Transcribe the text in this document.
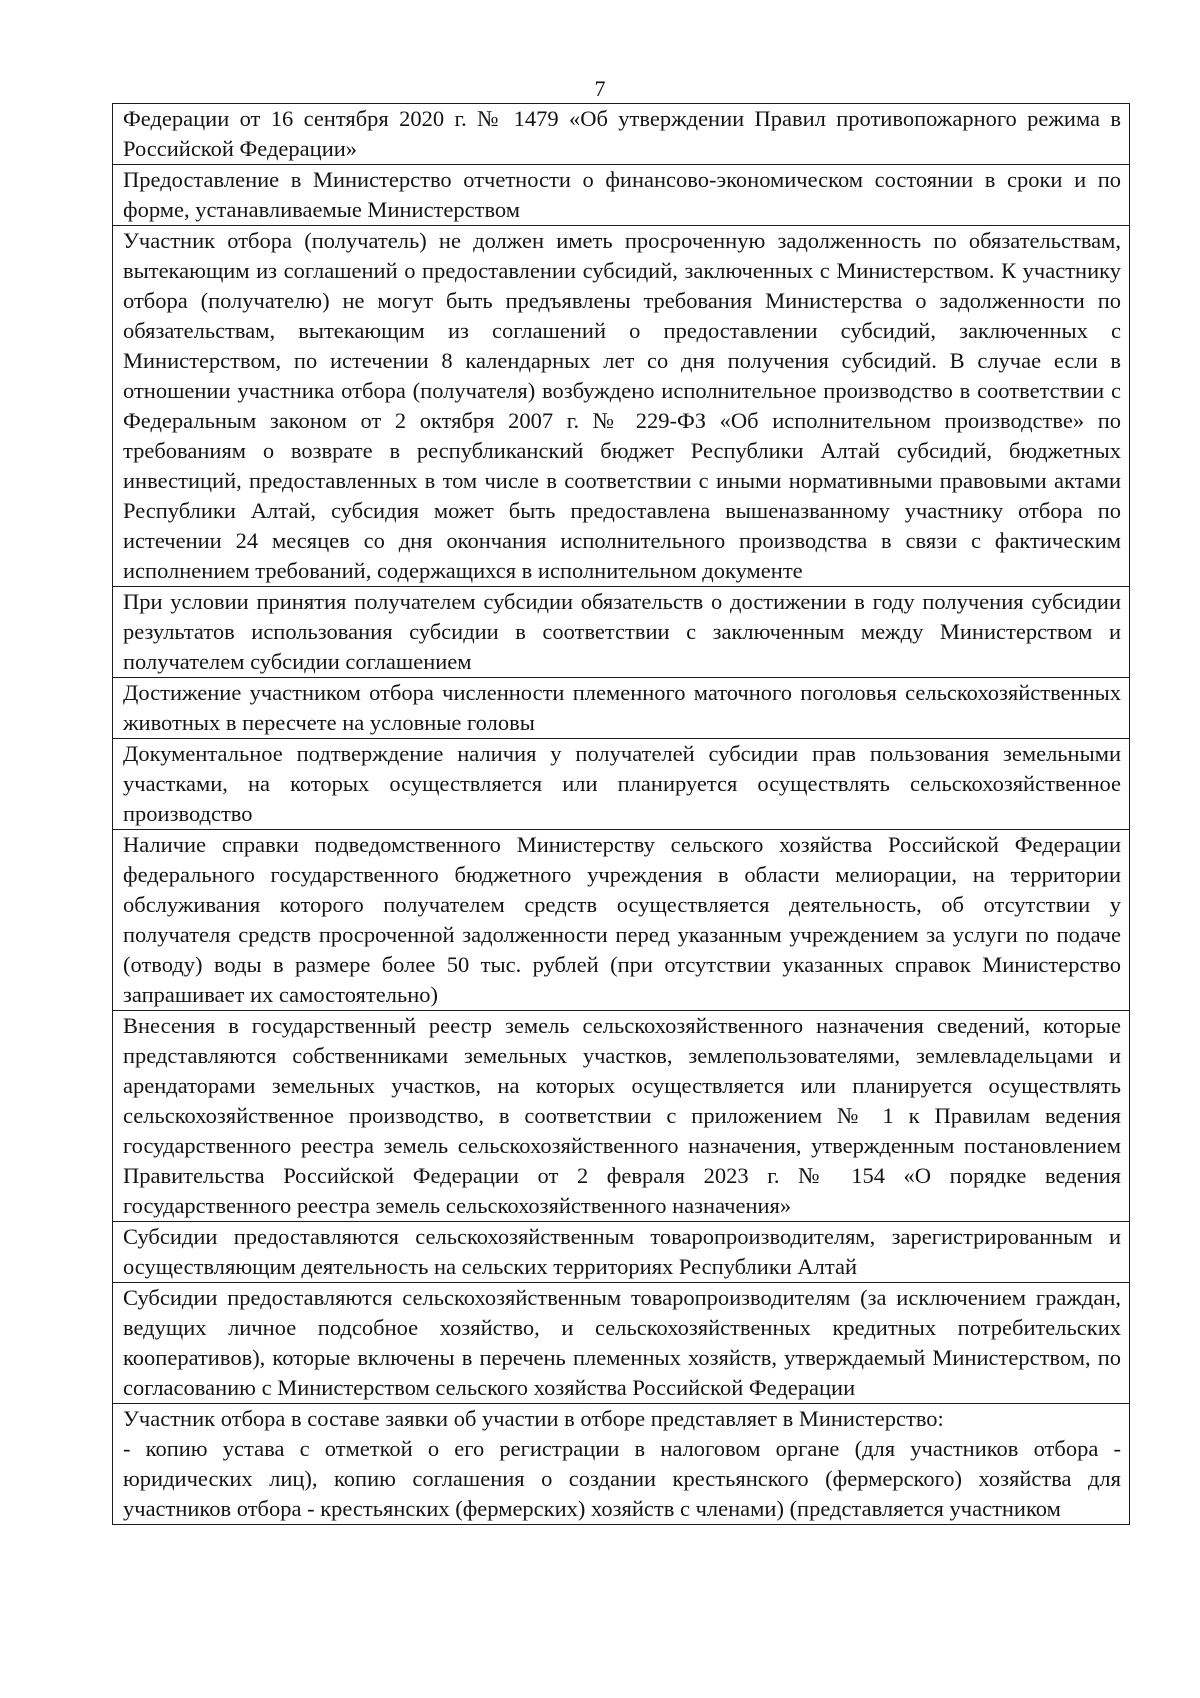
7
Федерации от 16 сентября 2020 г. № 1479 «Об утверждении Правил противопожарного режима в Российской Федерации»

Предоставление в Министерство отчетности о финансово-экономическом состоянии в сроки и по форме, устанавливаемые Министерством

Участник отбора (получатель) не должен иметь просроченную задолженность по обязательствам, вытекающим из соглашений о предоставлении субсидий, заключенных с Министерством. К участнику отбора (получателю) не могут быть предъявлены требования Министерства о задолженности по обязательствам, вытекающим из соглашений о предоставлении субсидий, заключенных с Министерством, по истечении 8 календарных лет со дня получения субсидий. В случае если в отношении участника отбора (получателя) возбуждено исполнительное производство в соответствии с Федеральным законом от 2 октября 2007 г. № 229-ФЗ «Об исполнительном производстве» по требованиям о возврате в республиканский бюджет Республики Алтай субсидий, бюджетных инвестиций, предоставленных в том числе в соответствии с иными нормативными правовыми актами Республики Алтай, субсидия может быть предоставлена вышеназванному участнику отбора по истечении 24 месяцев со дня окончания исполнительного производства в связи с фактическим исполнением требований, содержащихся в исполнительном документе

При условии принятия получателем субсидии обязательств о достижении в году получения субсидии результатов использования субсидии в соответствии с заключенным между Министерством и получателем субсидии соглашением

Достижение участником отбора численности племенного маточного поголовья сельскохозяйственных животных в пересчете на условные головы

Документальное подтверждение наличия у получателей субсидии прав пользования земельными участками, на которых осуществляется или планируется осуществлять сельскохозяйственное производство

Наличие справки подведомственного Министерству сельского хозяйства Российской Федерации федерального государственного бюджетного учреждения в области мелиорации, на территории обслуживания которого получателем средств осуществляется деятельность, об отсутствии у получателя средств просроченной задолженности перед указанным учреждением за услуги по подаче (отводу) воды в размере более 50 тыс. рублей (при отсутствии указанных справок Министерство запрашивает их самостоятельно)

Внесения в государственный реестр земель сельскохозяйственного назначения сведений, которые представляются собственниками земельных участков, землепользователями, землевладельцами и арендаторами земельных участков, на которых осуществляется или планируется осуществлять сельскохозяйственное производство, в соответствии с приложением № 1 к Правилам ведения государственного реестра земель сельскохозяйственного назначения, утвержденным постановлением Правительства Российской Федерации от 2 февраля 2023 г. № 154 «О порядке ведения государственного реестра земель сельскохозяйственного назначения»

Субсидии предоставляются сельскохозяйственным товаропроизводителям, зарегистрированным и осуществляющим деятельность на сельских территориях Республики Алтай

Субсидии предоставляются сельскохозяйственным товаропроизводителям (за исключением граждан, ведущих личное подсобное хозяйство, и сельскохозяйственных кредитных потребительских кооперативов), которые включены в перечень племенных хозяйств, утверждаемый Министерством, по согласованию с Министерством сельского хозяйства Российской Федерации

Участник отбора в составе заявки об участии в отборе представляет в Министерство:
- копию устава с отметкой о его регистрации в налоговом органе (для участников отбора - юридических лиц), копию соглашения о создании крестьянского (фермерского) хозяйства для участников отбора - крестьянских (фермерских) хозяйств с членами) (представляется участником
